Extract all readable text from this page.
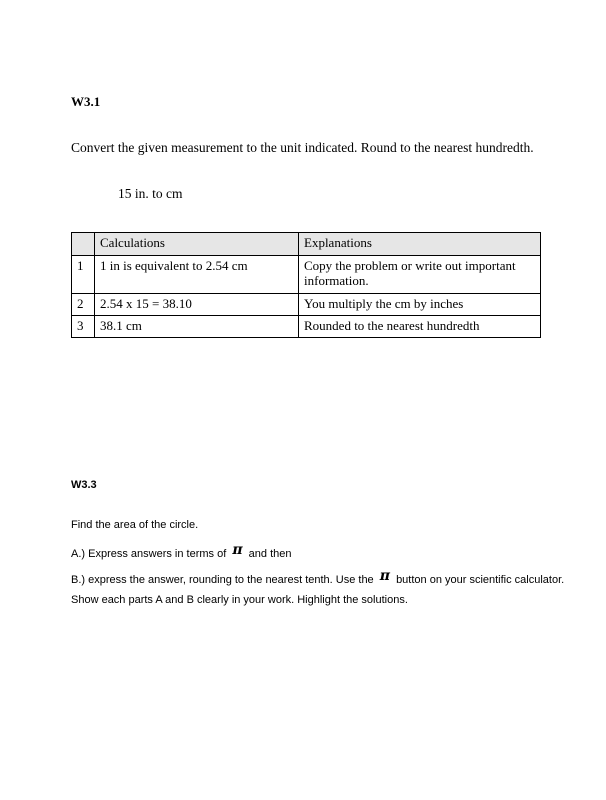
W3.1
Convert the given measurement to the unit indicated. Round to the nearest hundredth.
15 in. to cm
	Calculations	Explanations
1	1 in is equivalent to 2.54 cm	Copy the problem or write out important information.
2	2.54 x 15 = 38.10	You multiply the cm by inches
3	38.1 cm	Rounded to the nearest hundredth
W3.3
Find the area of the circle.
A.) Express answers in terms of π and then
B.) express the answer, rounding to the nearest tenth. Use the π button on your scientific calculator.
Show each parts A and B clearly in your work. Highlight the solutions.
